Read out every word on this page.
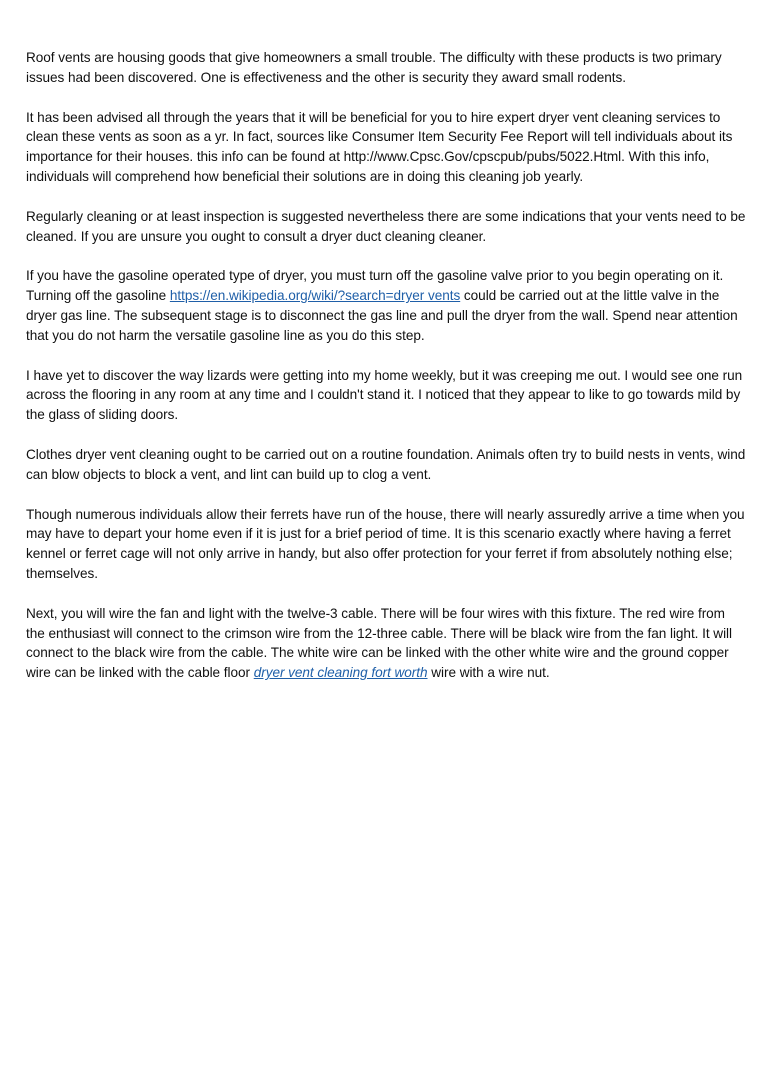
Roof vents are housing goods that give homeowners a small trouble. The difficulty with these products is two primary issues had been discovered. One is effectiveness and the other is security they award small rodents.

It has been advised all through the years that it will be beneficial for you to hire expert dryer vent cleaning services to clean these vents as soon as a yr. In fact, sources like Consumer Item Security Fee Report will tell individuals about its importance for their houses. this info can be found at http://www.Cpsc.Gov/cpscpub/pubs/5022.Html. With this info, individuals will comprehend how beneficial their solutions are in doing this cleaning job yearly.

Regularly cleaning or at least inspection is suggested nevertheless there are some indications that your vents need to be cleaned. If you are unsure you ought to consult a dryer duct cleaning cleaner.

If you have the gasoline operated type of dryer, you must turn off the gasoline valve prior to you begin operating on it. Turning off the gasoline https://en.wikipedia.org/wiki/?search=dryer vents could be carried out at the little valve in the dryer gas line. The subsequent stage is to disconnect the gas line and pull the dryer from the wall. Spend near attention that you do not harm the versatile gasoline line as you do this step.

I have yet to discover the way lizards were getting into my home weekly, but it was creeping me out. I would see one run across the flooring in any room at any time and I couldn't stand it. I noticed that they appear to like to go towards mild by the glass of sliding doors.

Clothes dryer vent cleaning ought to be carried out on a routine foundation. Animals often try to build nests in vents, wind can blow objects to block a vent, and lint can build up to clog a vent.

Though numerous individuals allow their ferrets have run of the house, there will nearly assuredly arrive a time when you may have to depart your home even if it is just for a brief period of time. It is this scenario exactly where having a ferret kennel or ferret cage will not only arrive in handy, but also offer protection for your ferret if from absolutely nothing else; themselves.

Next, you will wire the fan and light with the twelve-3 cable. There will be four wires with this fixture. The red wire from the enthusiast will connect to the crimson wire from the 12-three cable. There will be black wire from the fan light. It will connect to the black wire from the cable. The white wire can be linked with the other white wire and the ground copper wire can be linked with the cable floor dryer vent cleaning fort worth wire with a wire nut.
